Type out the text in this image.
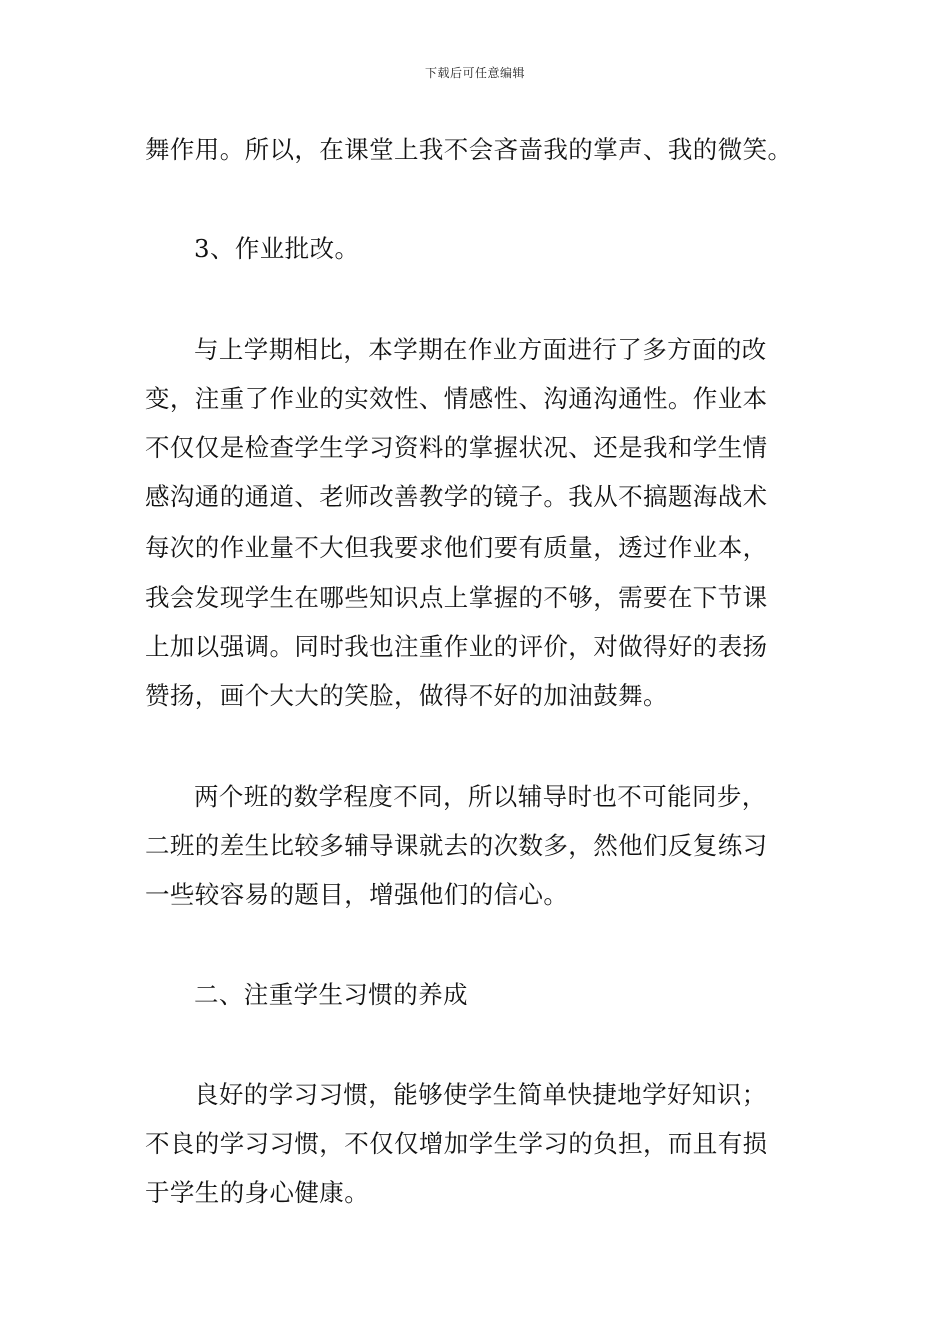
下载后可任意编辑
舞作用。所以，在课堂上我不会吝啬我的掌声、我的微笑。
3、作业批改。
与上学期相比，本学期在作业方面进行了多方面的改
变，注重了作业的实效性、情感性、沟通沟通性。作业本
不仅仅是检查学生学习资料的掌握状况、还是我和学生情
感沟通的通道、老师改善教学的镜子。我从不搞题海战术
每次的作业量不大但我要求他们要有质量，透过作业本，
我会发现学生在哪些知识点上掌握的不够，需要在下节课
上加以强调。同时我也注重作业的评价，对做得好的表扬
赞扬，画个大大的笑脸，做得不好的加油鼓舞。
两个班的数学程度不同，所以辅导时也不可能同步，
二班的差生比较多辅导课就去的次数多，然他们反复练习
一些较容易的题目，增强他们的信心。
二、注重学生习惯的养成
良好的学习习惯，能够使学生简单快捷地学好知识；
不良的学习习惯，不仅仅增加学生学习的负担，而且有损
于学生的身心健康。
